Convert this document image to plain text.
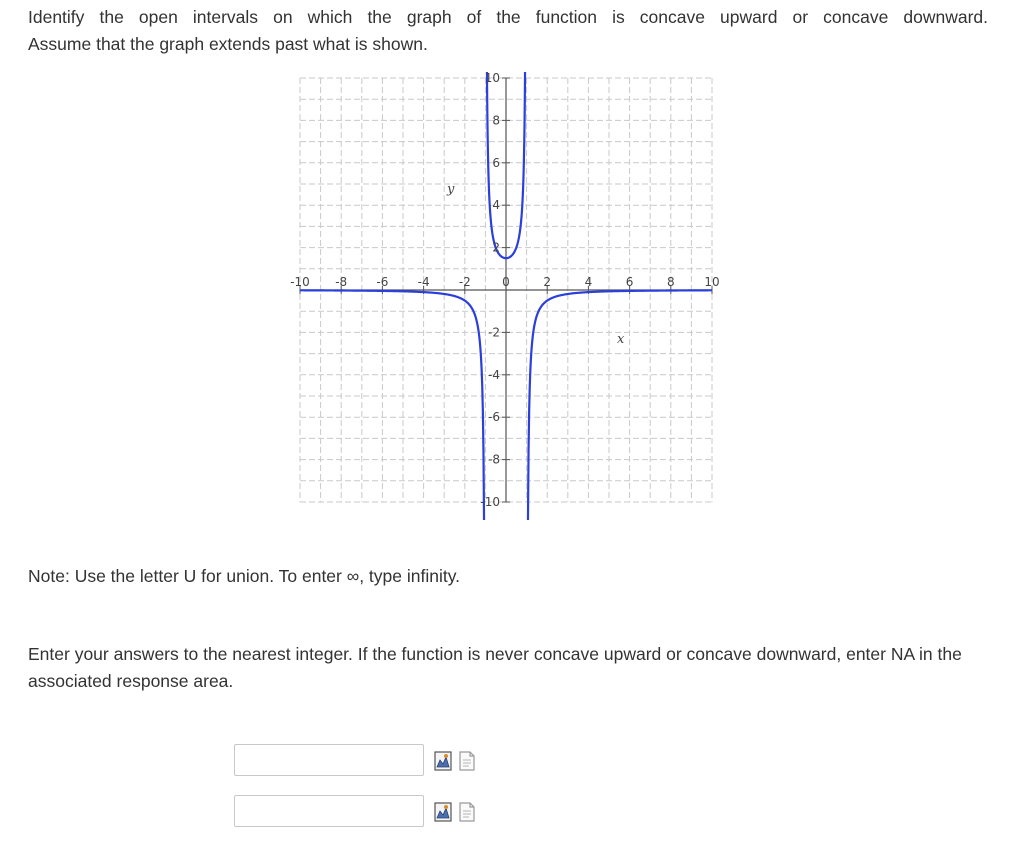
Identify the open intervals on which the graph of the function is concave upward or concave downward.
Assume that the graph extends past what is shown.

-10 -8 -6 -4 -2	0	2	4	6	8 10
10
8
6
4
2
-2
-4
-6
-8
-10
x
y

Note: Use the letter U for union. To enter ∞, type infinity.

Enter your answers to the nearest integer. If the function is never concave upward or concave downward, enter NA in the associated response area.
